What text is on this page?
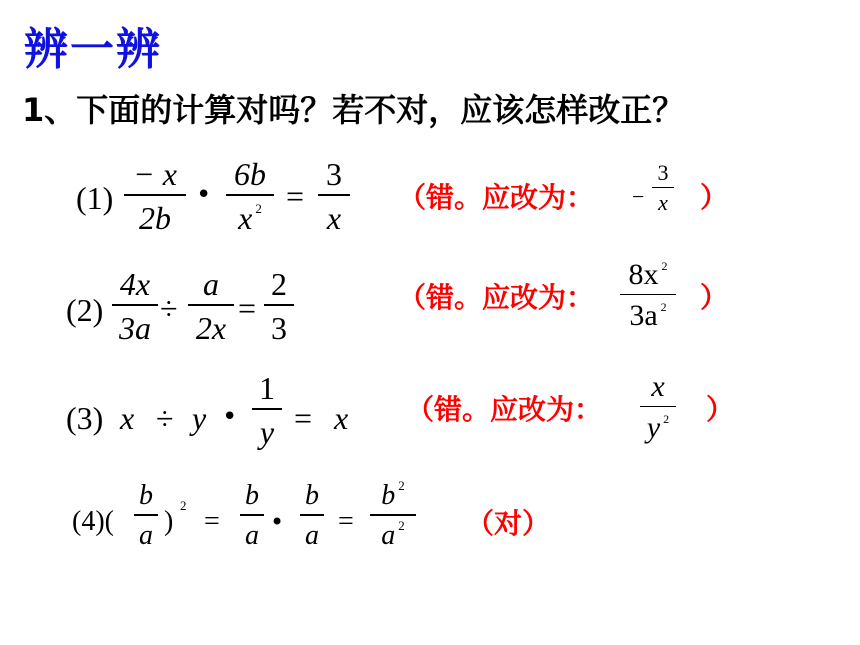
辨一辨
1、下面的计算对吗？若不对，应该怎样改正？
(1)
− x
2b
•
6b
x $^2$ =
3
x
（错。应改为： −
3
x ）
(2)
4x
3a
÷
a
2x
=
2
3
（错。应改为：
8x $^2$
3a $^2$	）
(3) x ÷ y •
1
y = x （错。应改为：
x
y $^2$ ）
(4)(
b
a )
2
=
b
a •
b
a =
b $^2$
a $^2$	（对）
